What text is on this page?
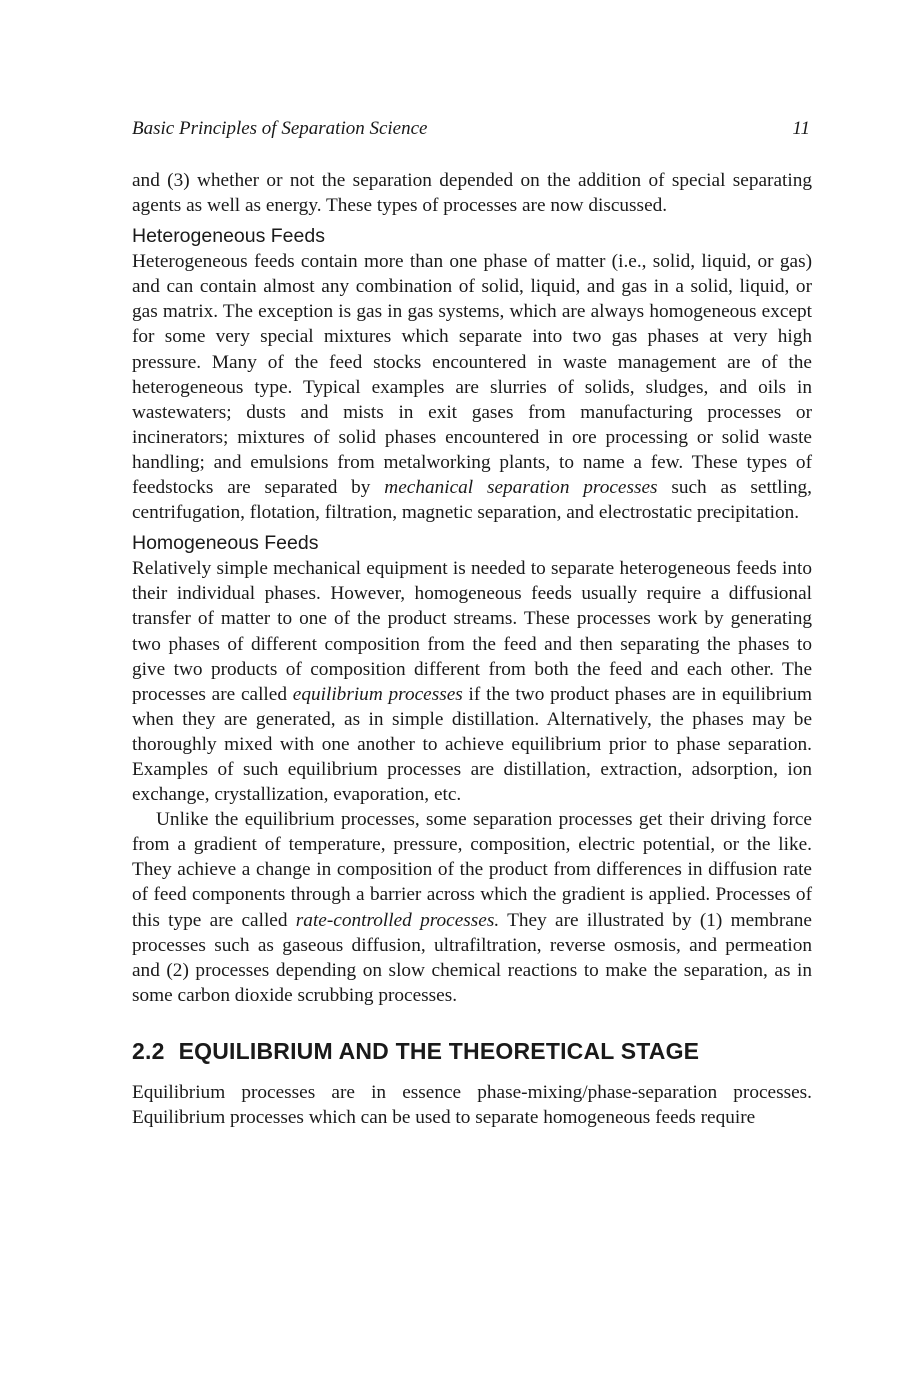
Basic Principles of Separation Science	11

and (3) whether or not the separation depended on the addition of special separating agents as well as energy. These types of processes are now discussed.

Heterogeneous Feeds

Heterogeneous feeds contain more than one phase of matter (i.e., solid, liquid, or gas) and can contain almost any combination of solid, liquid, and gas in a solid, liquid, or gas matrix. The exception is gas in gas systems, which are always homogeneous except for some very special mixtures which separate into two gas phases at very high pressure. Many of the feed stocks encountered in waste management are of the heterogeneous type. Typical examples are slurries of solids, sludges, and oils in wastewaters; dusts and mists in exit gases from manufacturing processes or incinerators; mixtures of solid phases encountered in ore processing or solid waste handling; and emulsions from metalworking plants, to name a few. These types of feedstocks are separated by mechanical separation processes such as settling, centrifugation, flotation, filtration, magnetic separation, and electrostatic precipitation.

Homogeneous Feeds

Relatively simple mechanical equipment is needed to separate heterogeneous feeds into their individual phases. However, homogeneous feeds usually require a diffusional transfer of matter to one of the product streams. These processes work by generating two phases of different composition from the feed and then separating the phases to give two products of composition different from both the feed and each other. The processes are called equilibrium processes if the two product phases are in equilibrium when they are generated, as in simple distillation. Alternatively, the phases may be thoroughly mixed with one another to achieve equilibrium prior to phase separation. Examples of such equilibrium processes are distillation, extraction, adsorption, ion exchange, crystallization, evaporation, etc.

Unlike the equilibrium processes, some separation processes get their driving force from a gradient of temperature, pressure, composition, electric potential, or the like. They achieve a change in composition of the product from differences in diffusion rate of feed components through a barrier across which the gradient is applied. Processes of this type are called rate-controlled processes. They are illustrated by (1) membrane processes such as gaseous diffusion, ultrafiltration, reverse osmosis, and permeation and (2) processes depending on slow chemical reactions to make the separation, as in some carbon dioxide scrubbing processes.

2.2 EQUILIBRIUM AND THE THEORETICAL STAGE

Equilibrium processes are in essence phase-mixing/phase-separation processes. Equilibrium processes which can be used to separate homogeneous feeds require
